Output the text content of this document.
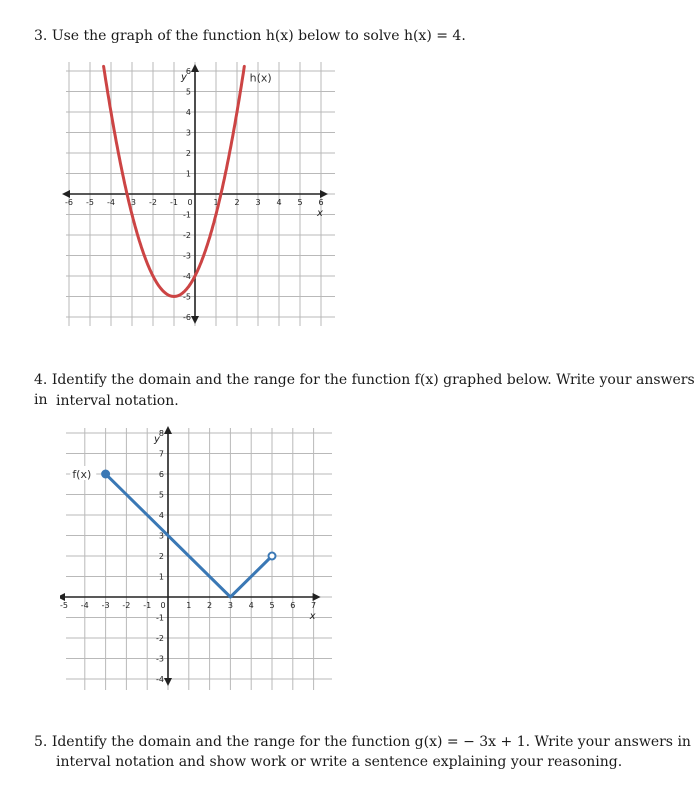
3. Use the graph of the function h(x) below to solve h(x) = 4.
-6 -5 -4 -3 -2 -1 0	1 2 3 4 5 6
6
5
4
3
2
1
-1
-2
-3
-4
-5
-6
y
x
h(x)
4. Identify the domain and the range for the function f(x) graphed below. Write your answers in interval notation.
-5 -4 -3 -2 -1 0	1 2 3 4 5 6 7
8
7
6
5
4
3
2
1
-1
-2
-3
-4
y
x
f(x)
5. Identify the domain and the range for the function g(x) = − 3x + 1. Write your answers in
interval notation and show work or write a sentence explaining your reasoning.
